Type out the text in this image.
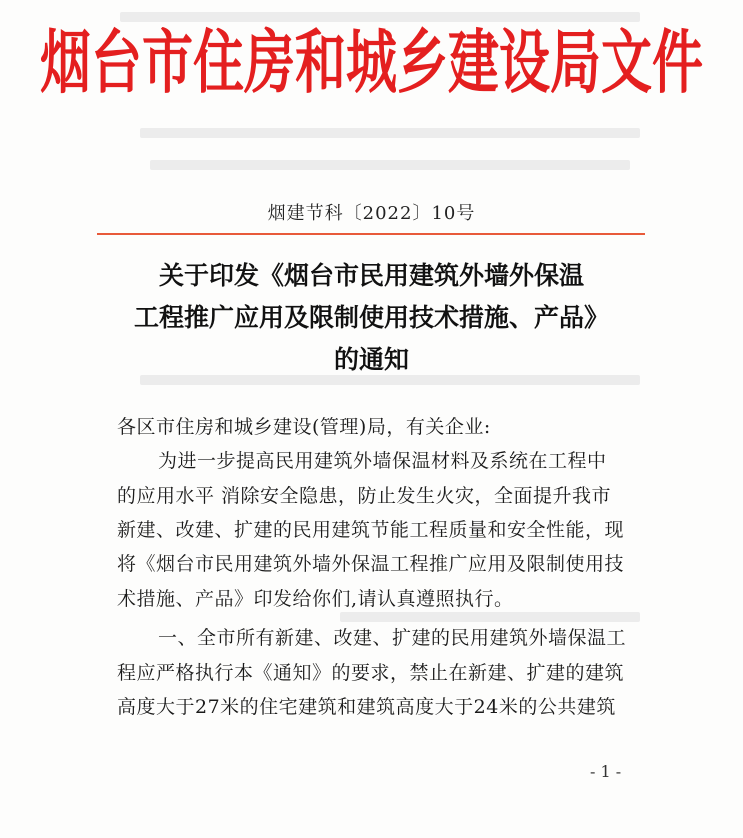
烟台市住房和城乡建设局文件
烟建节科〔2022〕10号
关于印发《烟台市民用建筑外墙外保温
工程推广应用及限制使用技术措施、产品》
的通知
各区市住房和城乡建设(管理)局，有关企业:
为进一步提高民用建筑外墙保温材料及系统在工程中
的应用水平 消除安全隐患，防止发生火灾，全面提升我市
新建、改建、扩建的民用建筑节能工程质量和安全性能，现
将《烟台市民用建筑外墙外保温工程推广应用及限制使用技
术措施、产品》印发给你们,请认真遵照执行。
一、全市所有新建、改建、扩建的民用建筑外墙保温工
程应严格执行本《通知》的要求，禁止在新建、扩建的建筑
高度大于27米的住宅建筑和建筑高度大于24米的公共建筑
- 1 -
